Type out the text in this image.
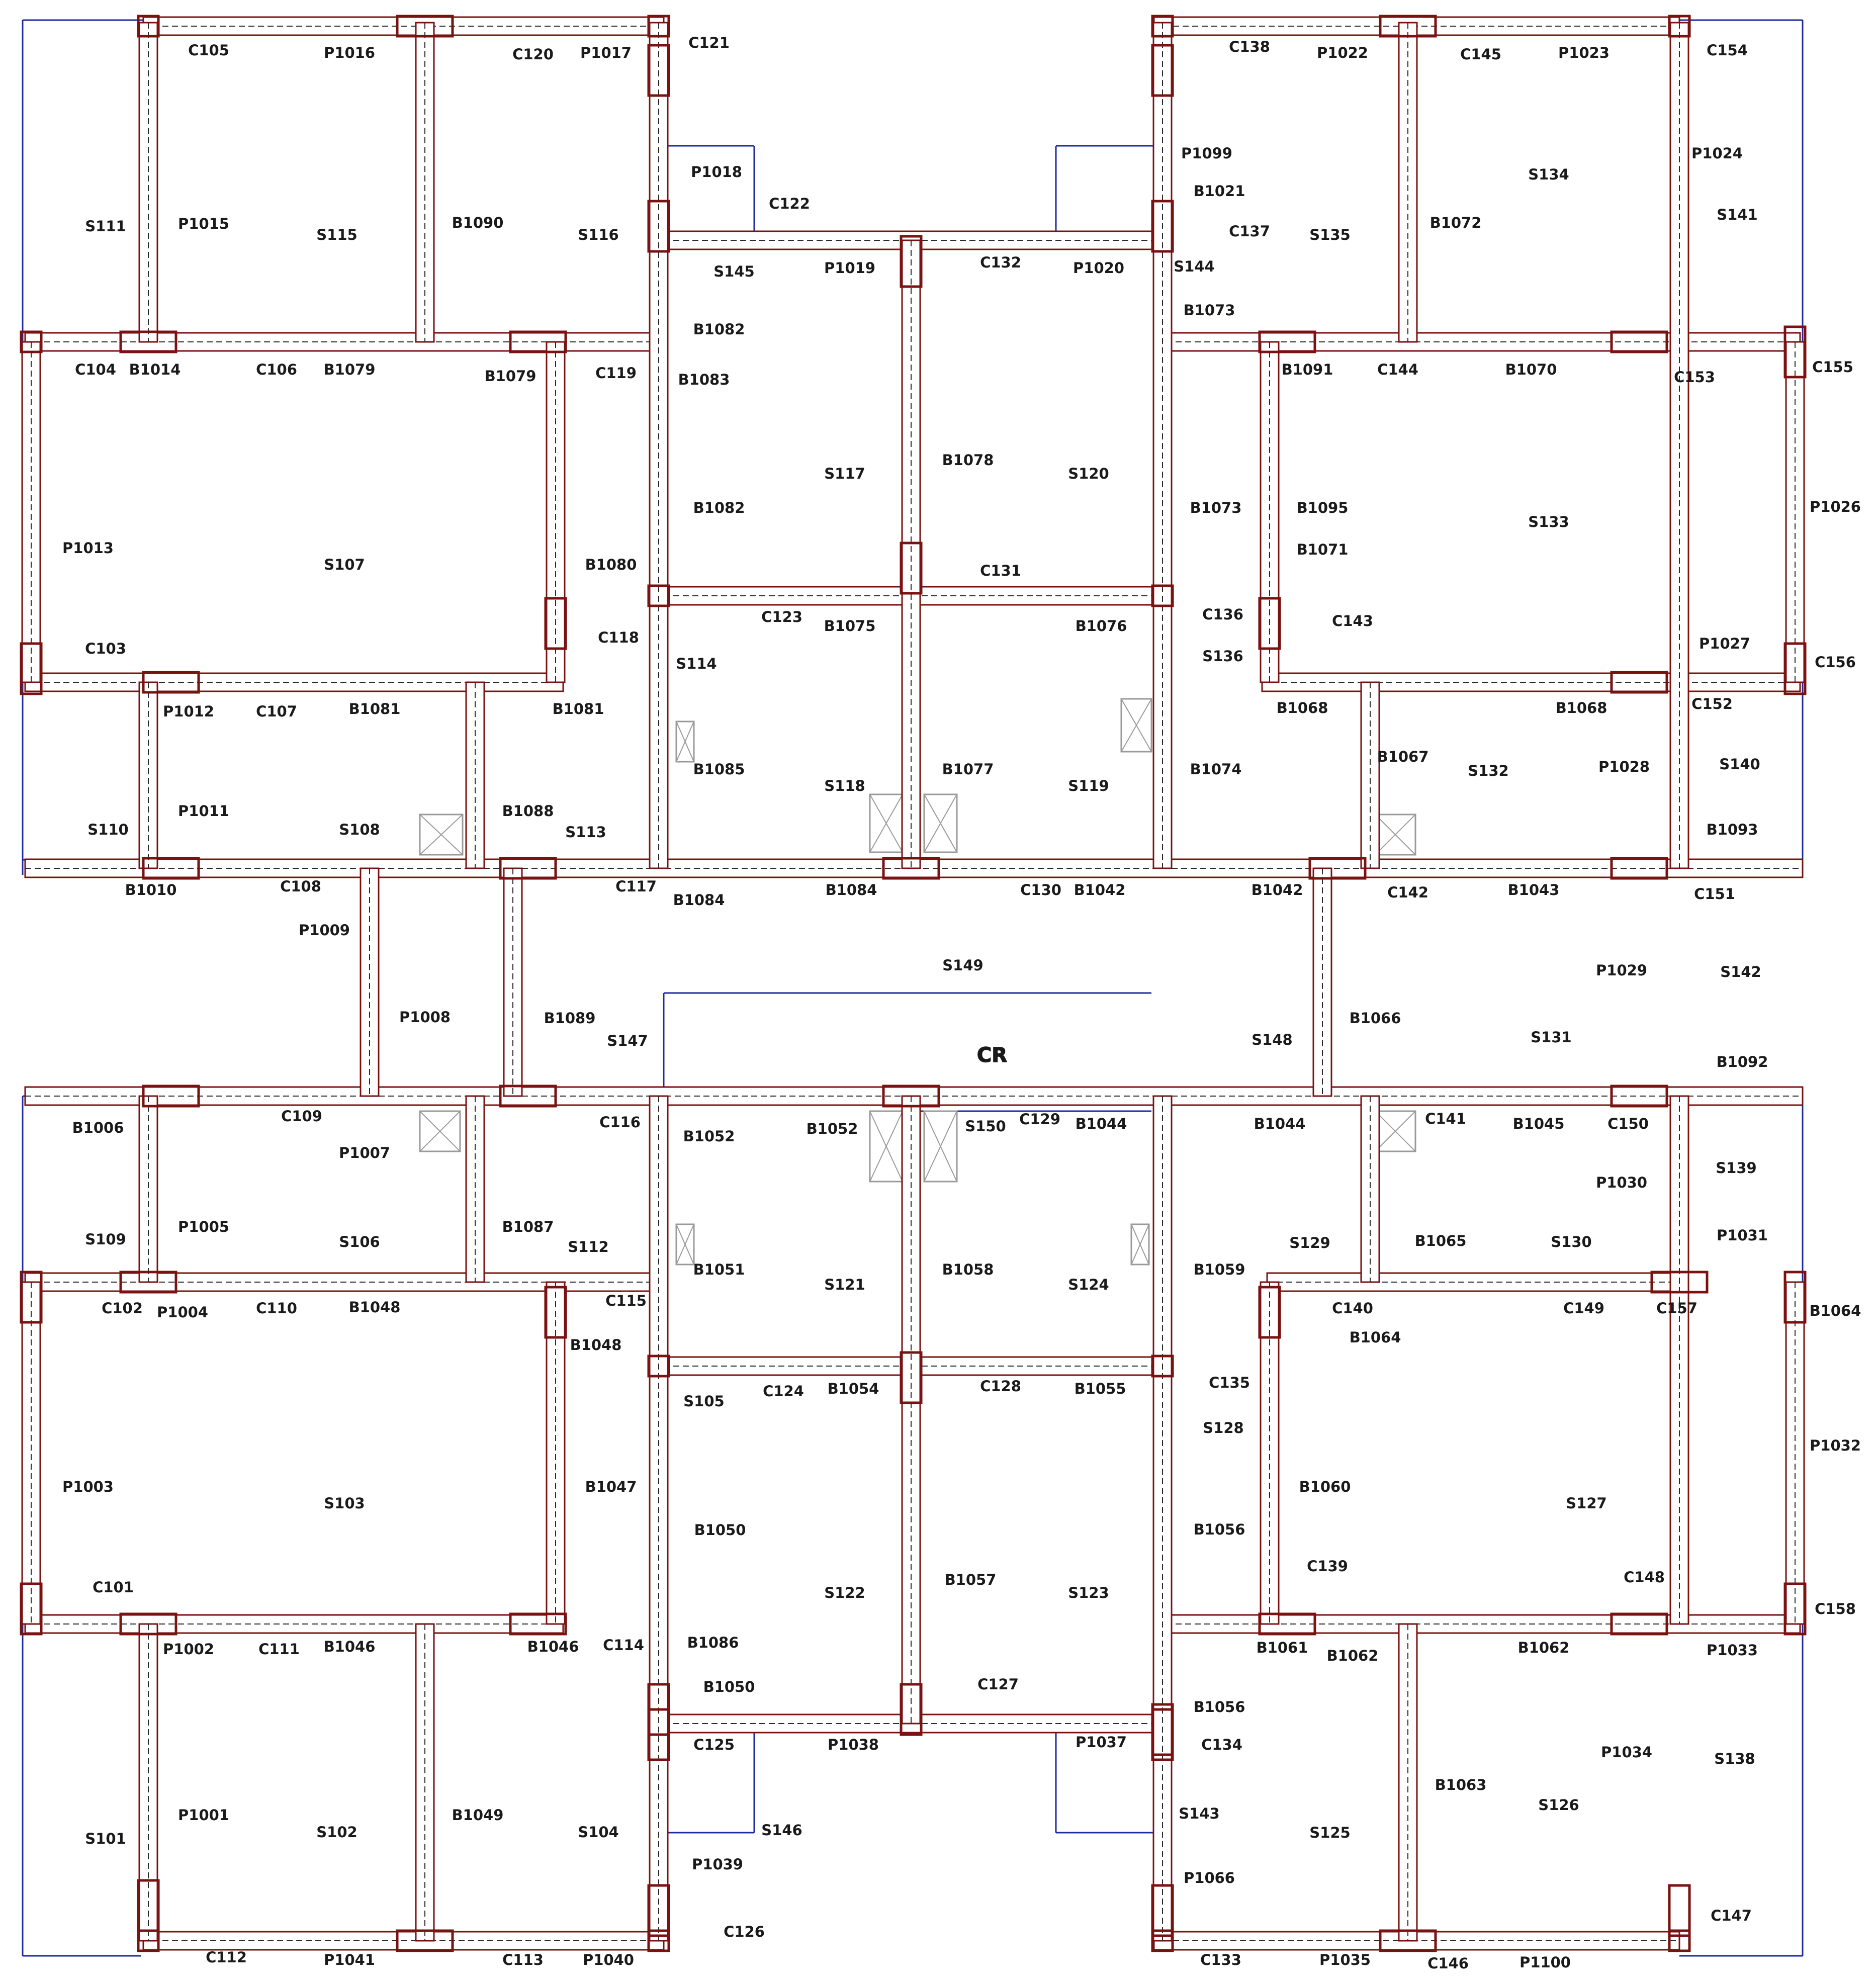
C105	P1016	C120 P1017
C121	C138	P1022	C145	P1023	C154
S111	P1015
S115
B1090
S116
P1018
C122
P1099
B1021
S134
P1024
C137	S135
B1072	S141
S145	P1019	C132	P1020	S144
B1073
C104 B1014	C106 B1079	B1079	C119
B1082
B1083
B1091	C144	B1070	C153
C155
S117
B1078
S120
P1013
S107
B1082	B1073	B1095
S133
P1026
B1080	C131
B1071
C123
B1075	B1076
C136	C143
C103
C118
S114	S136
P1027
C156
P1012	C107	B1081	B1081	B1068	B1068	C152
B1067
S132	P1028	S140
B1085	B1077	B1074
S118	S119
P1011	B1088
S110	S108	S113	B1093
B1010	C108	C117
B1084
B1084	C130 B1042	B1042	C142	B1043	C151
P1009
S149	P1029	S142
P1008	B1089
S147	S148
B1066
S131
B1092
B1006
C109	C116
B1052	B1052	S150 C129 B1044	B1044	C141	B1045	C150
P1007
P1030
S139
B1087
P1005
S112
S109	S106	S129	B1065	S130	P1031
B1051
S121
B1058
S124
B1059
C102 P1004	C110	B1048	C115	C140
B1064
C149	C157	B1064
B1048
C124 B1054	C128	B1055
S105
C135
S128
P1032
P1003
S103
B1047	B1060
S127
B1050	B1056
C139
B1057
C101	S122	S123
C148
C158
P1002	C111 B1046	B1046 C114	B1086	B1061 B1062	B1062	P1033
B1050	C127
C125	P1038	P1037
B1056
C134	P1034	S138
B1063
S126
P1001
S102
B1049
S104
S143
S101	S146	S125
P1039
P1066
C126
C147
C112	P1041	C113	P1040	C133	P1035	C146	P1100
CR
